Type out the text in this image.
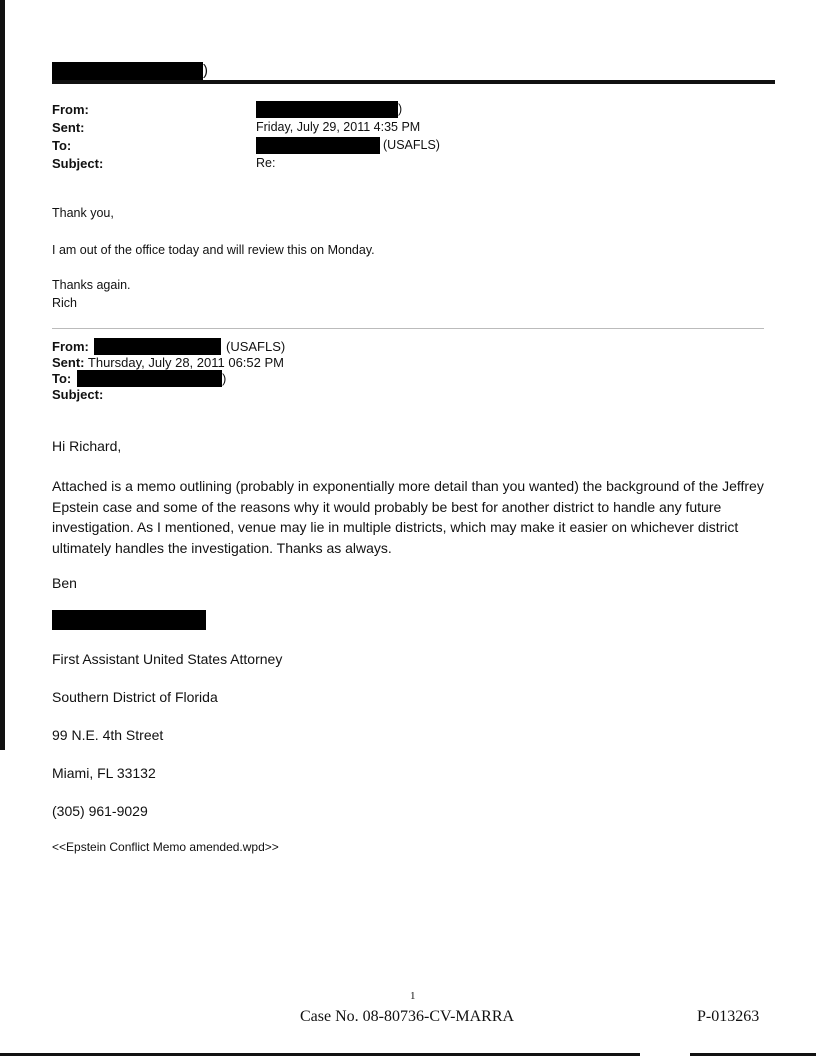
)
From:	)
Sent:	Friday, July 29, 2011 4:35 PM
To:	(USAFLS)
Subject:	Re:
Thank you,
I am out of the office today and will review this on Monday.
Thanks again.
Rich
From:	(USAFLS)
Sent: Thursday, July 28, 2011 06:52 PM
To:	)
Subject:
Hi Richard,
Attached is a memo outlining (probably in exponentially more detail than you wanted) the background of the Jeffrey Epstein case and some of the reasons why it would probably be best for another district to handle any future investigation. As I mentioned, venue may lie in multiple districts, which may make it easier on whichever district ultimately handles the investigation. Thanks as always.
Ben
First Assistant United States Attorney
Southern District of Florida
99 N.E. 4th Street
Miami, FL 33132
(305) 961-9029
<<Epstein Conflict Memo amended.wpd>>
1
Case No. 08-80736-CV-MARRA	P-013263
